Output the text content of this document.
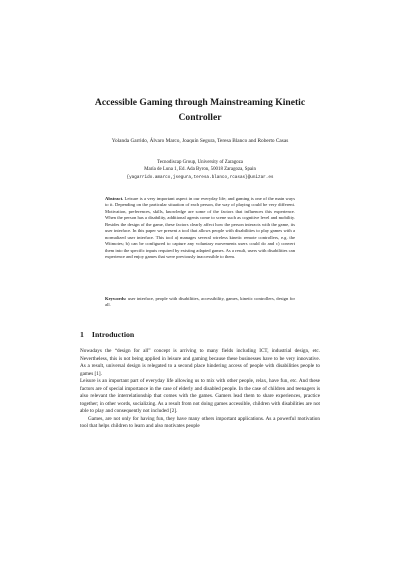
Accessible Gaming through Mainstreaming Kinetic Controller
Yolanda Garrido, Álvaro Marco, Joaquín Segura, Teresa Blanco and Roberto Casas
Tecnodiscap Group, University of Zaragoza
María de Luna 1, Ed. Ada Byron, 50018 Zaragoza, Spain
{yagarrido.amarco,jsegura,teresa.blanco,rcasas}@unizar.es
Abstract. Leisure is a very important aspect in our everyday life; and gaming is one of the main ways to it. Depending on the particular situation of each person, the way of playing could be very different. Motivation, preferences, skills, knowledge are some of the factors that influences this experience. When the person has a disability, additional agents come to scene such as cognitive level and mobility. Besides the design of the game, these factors clearly affect how the person interacts with the game, its user interface. In this paper we present a tool that allows people with disabilities to play games with a normalized user interface. This tool a) manages several wireless kinetic remote controllers, e.g. the Wiimotes; b) can be configured to capture any voluntary movements users could do and c) convert them into the specific inputs required by existing adapted games. As a result, users with disabilities can experience and enjoy games that were previously inaccessible to them.
Keywords: user interface, people with disabilities, accessibility, games, kinetic controllers, design for all.
1 Introduction

Nowadays the “design for all” concept is arriving to many fields including ICT, industrial design, etc. Nevertheless, this is not being applied in leisure and gaming because these businesses have to be very innovative. As a result, universal design is relegated to a second place hindering access of people with disabilities people to games [1].

Leisure is an important part of everyday life allowing us to mix with other people, relax, have fun, etc. And these factors are of special importance in the case of elderly and disabled people. In the case of children and teenagers is also relevant the interrelationship that comes with the games. Gamers lead them to share experiences, practice together; in other words, socializing. As a result from not doing games accessible, children with disabilities are not able to play and consequently not included [2].

Games, are not only for having fun, they have many others important applications. As a powerful motivation tool that helps children to learn and also motivates people
